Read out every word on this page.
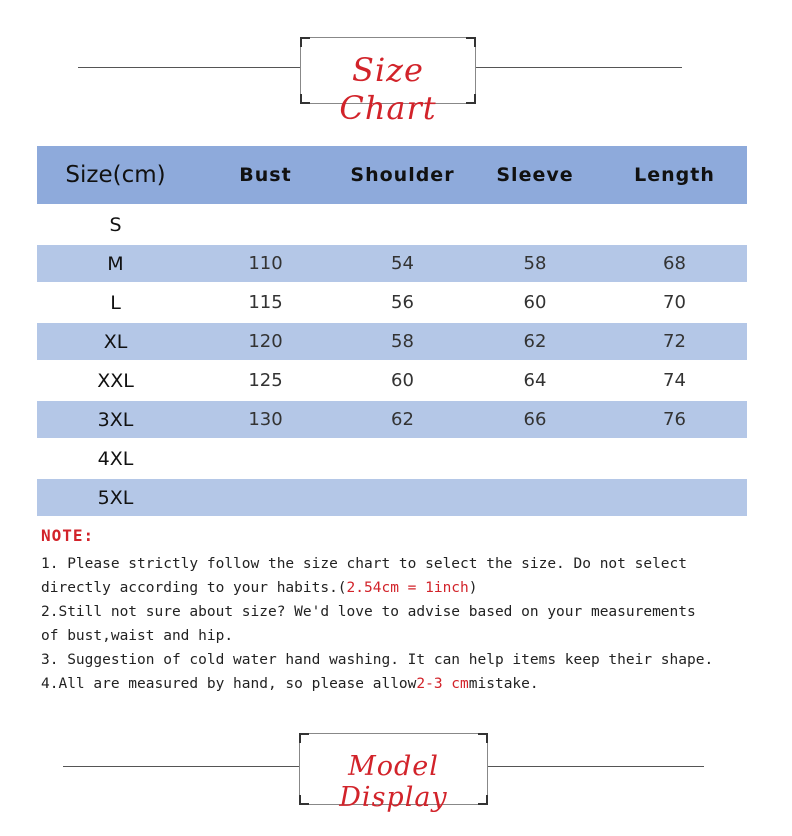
Size Chart
Size(cm)	Bust	Shoulder	Sleeve	Length
S				
M	110	54	58	68
L	115	56	60	70
XL	120	58	62	72
XXL	125	60	64	74
3XL	130	62	66	76
4XL				
5XL				
NOTE:

1. Please strictly follow the size chart to select the size. Do not select

directly according to your habits.(2.54cm = 1inch)

2.Still not sure about size? We'd love to advise based on your measurements

of bust,waist and hip.

3. Suggestion of cold water hand washing. It can help items keep their shape.

4.All are measured by hand, so please allow2-3 cmmistake.

Model Display
